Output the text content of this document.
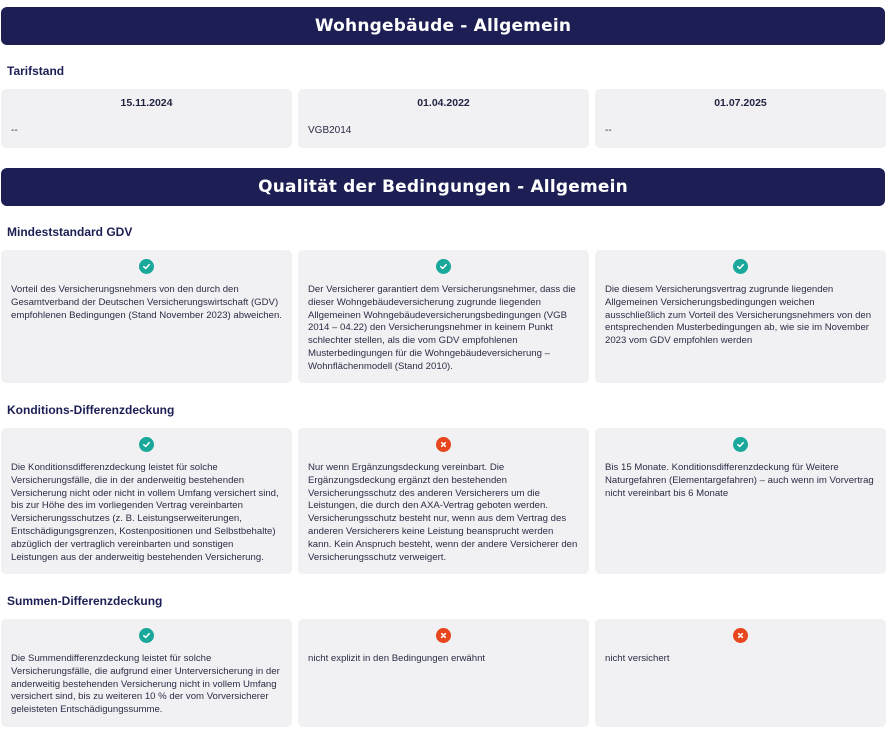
Wohngebäude - Allgemein
Tarifstand
15.11.2024
--
01.04.2022
VGB2014
01.07.2025
--
Qualität der Bedingungen - Allgemein
Mindeststandard GDV
Vorteil des Versicherungsnehmers von den durch den Gesamtverband der Deutschen Versicherungswirtschaft (GDV) empfohlenen Bedingungen (Stand November 2023) abweichen.
Der Versicherer garantiert dem Versicherungsnehmer, dass die dieser Wohngebäudeversicherung zugrunde liegenden Allgemeinen Wohngebäudeversicherungsbedingungen (VGB 2014 – 04.22) den Versicherungsnehmer in keinem Punkt schlechter stellen, als die vom GDV empfohlenen Musterbedingungen für die Wohngebäudeversicherung – Wohnflächenmodell (Stand 2010).
Die diesem Versicherungsvertrag zugrunde liegenden Allgemeinen Versicherungsbedingungen weichen ausschließlich zum Vorteil des Versicherungsnehmers von den entsprechenden Musterbedingungen ab, wie sie im November 2023 vom GDV empfohlen werden
Konditions-Differenzdeckung
Die Konditionsdifferenzdeckung leistet für solche Versicherungsfälle, die in der anderweitig bestehenden Versicherung nicht oder nicht in vollem Umfang versichert sind, bis zur Höhe des im vorliegenden Vertrag vereinbarten Versicherungsschutzes (z. B. Leistungserweiterungen, Entschädigungsgrenzen, Kostenpositionen und Selbstbehalte) abzüglich der vertraglich vereinbarten und sonstigen Leistungen aus der anderweitig bestehenden Versicherung.
Nur wenn Ergänzungsdeckung vereinbart. Die Ergänzungsdeckung ergänzt den bestehenden Versicherungsschutz des anderen Versicherers um die Leistungen, die durch den AXA-Vertrag geboten werden. Versicherungsschutz besteht nur, wenn aus dem Vertrag des anderen Versicherers keine Leistung beansprucht werden kann. Kein Anspruch besteht, wenn der andere Versicherer den Versicherungsschutz verweigert.
Bis 15 Monate. Konditionsdifferenzdeckung für Weitere Naturgefahren (Elementargefahren) – auch wenn im Vorvertrag nicht vereinbart bis 6 Monate
Summen-Differenzdeckung
Die Summendifferenzdeckung leistet für solche Versicherungsfälle, die aufgrund einer Unterversicherung in der anderweitig bestehenden Versicherung nicht in vollem Umfang versichert sind, bis zu weiteren 10 % der vom Vorversicherer geleisteten Entschädigungssumme.
nicht explizit in den Bedingungen erwähnt	nicht versichert
